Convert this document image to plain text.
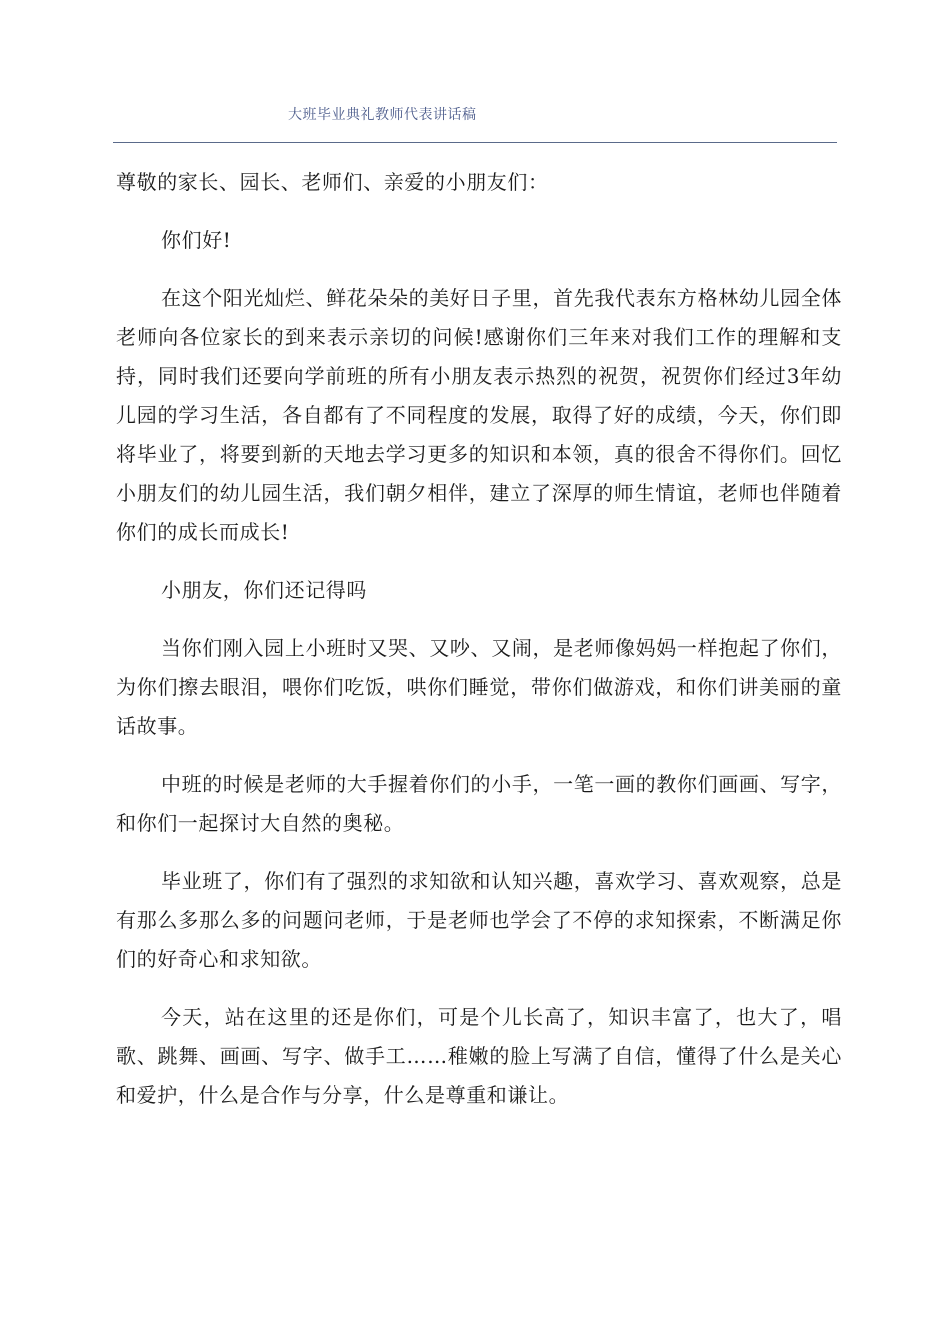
大班毕业典礼教师代表讲话稿

尊敬的家长、园长、老师们、亲爱的小朋友们：

你们好!

在这个阳光灿烂、鲜花朵朵的美好日子里，首先我代表东方格林幼儿园全体老师向各位家长的到来表示亲切的问候!感谢你们三年来对我们工作的理解和支持，同时我们还要向学前班的所有小朋友表示热烈的祝贺，祝贺你们经过3年幼儿园的学习生活，各自都有了不同程度的发展，取得了好的成绩，今天，你们即将毕业了，将要到新的天地去学习更多的知识和本领，真的很舍不得你们。回忆小朋友们的幼儿园生活，我们朝夕相伴，建立了深厚的师生情谊，老师也伴随着你们的成长而成长!

小朋友，你们还记得吗

当你们刚入园上小班时又哭、又吵、又闹，是老师像妈妈一样抱起了你们，为你们擦去眼泪，喂你们吃饭，哄你们睡觉，带你们做游戏，和你们讲美丽的童话故事。

中班的时候是老师的大手握着你们的小手，一笔一画的教你们画画、写字，和你们一起探讨大自然的奥秘。

毕业班了，你们有了强烈的求知欲和认知兴趣，喜欢学习、喜欢观察，总是有那么多那么多的问题问老师，于是老师也学会了不停的求知探索，不断满足你们的好奇心和求知欲。

今天，站在这里的还是你们，可是个儿长高了，知识丰富了，也大了，唱歌、跳舞、画画、写字、做手工……稚嫩的脸上写满了自信，懂得了什么是关心和爱护，什么是合作与分享，什么是尊重和谦让。
